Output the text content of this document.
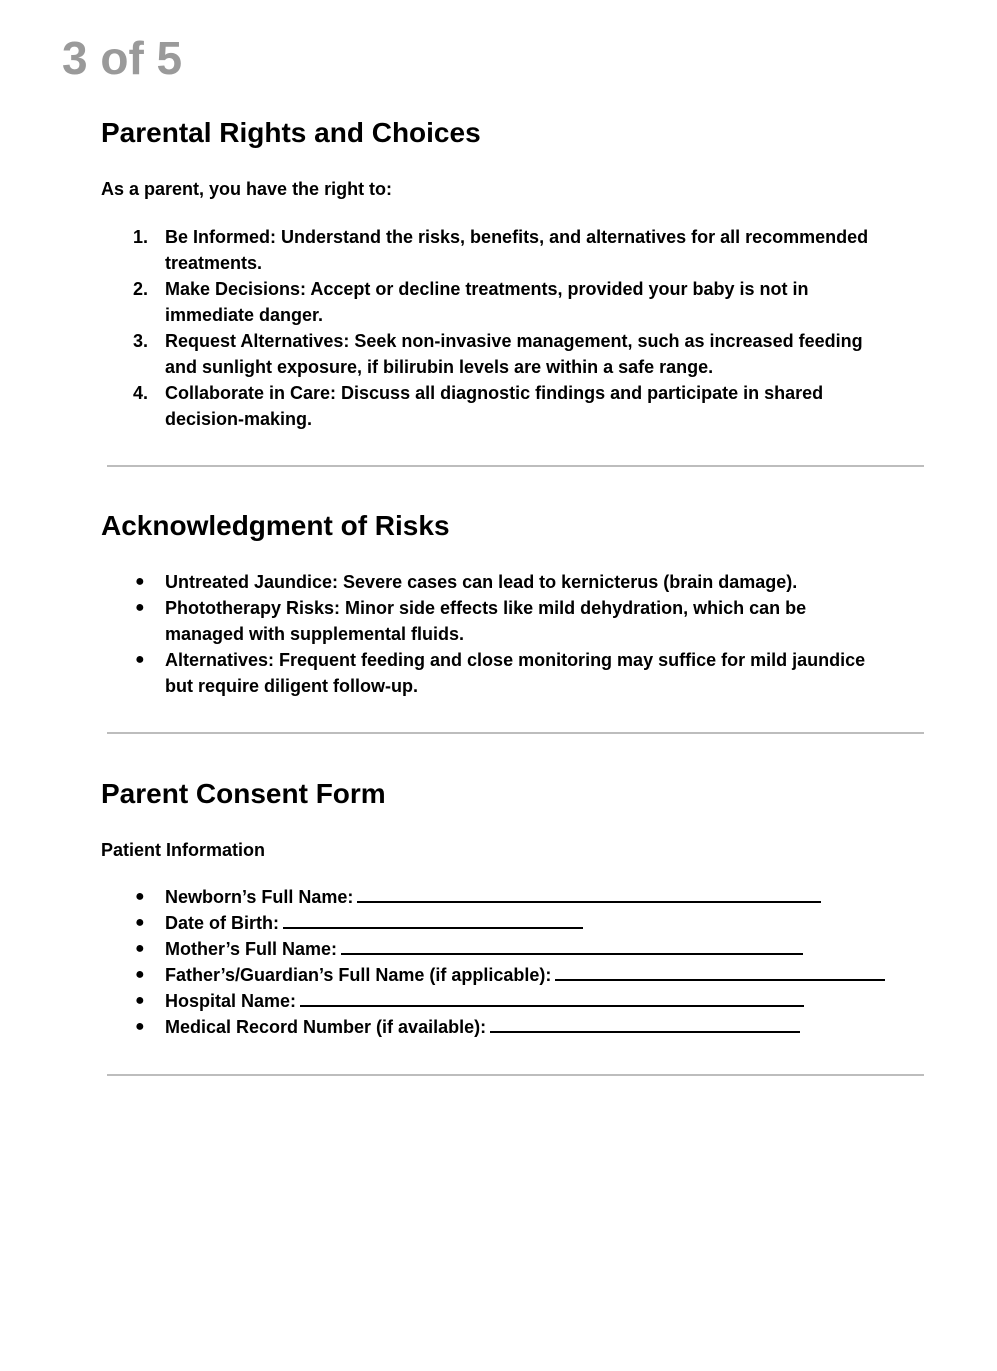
3 of 5
Parental Rights and Choices

As a parent, you have the right to:

1. Be Informed: Understand the risks, benefits, and alternatives for all recommended
treatments.
2. Make Decisions: Accept or decline treatments, provided your baby is not in
immediate danger.
3. Request Alternatives: Seek non-invasive management, such as increased feeding
and sunlight exposure, if bilirubin levels are within a safe range.
4. Collaborate in Care: Discuss all diagnostic findings and participate in shared
decision-making.
Acknowledgment of Risks
●	Untreated Jaundice: Severe cases can lead to kernicterus (brain damage).
●	Phototherapy Risks: Minor side effects like mild dehydration, which can be
managed with supplemental fluids.
●	Alternatives: Frequent feeding and close monitoring may suffice for mild jaundice
but require diligent follow-up.
Parent Consent Form

Patient Information

●	Newborn’s Full Name:
●	Date of Birth:
●	Mother’s Full Name:
●	Father’s/Guardian’s Full Name (if applicable):
●	Hospital Name:
●	Medical Record Number (if available):
